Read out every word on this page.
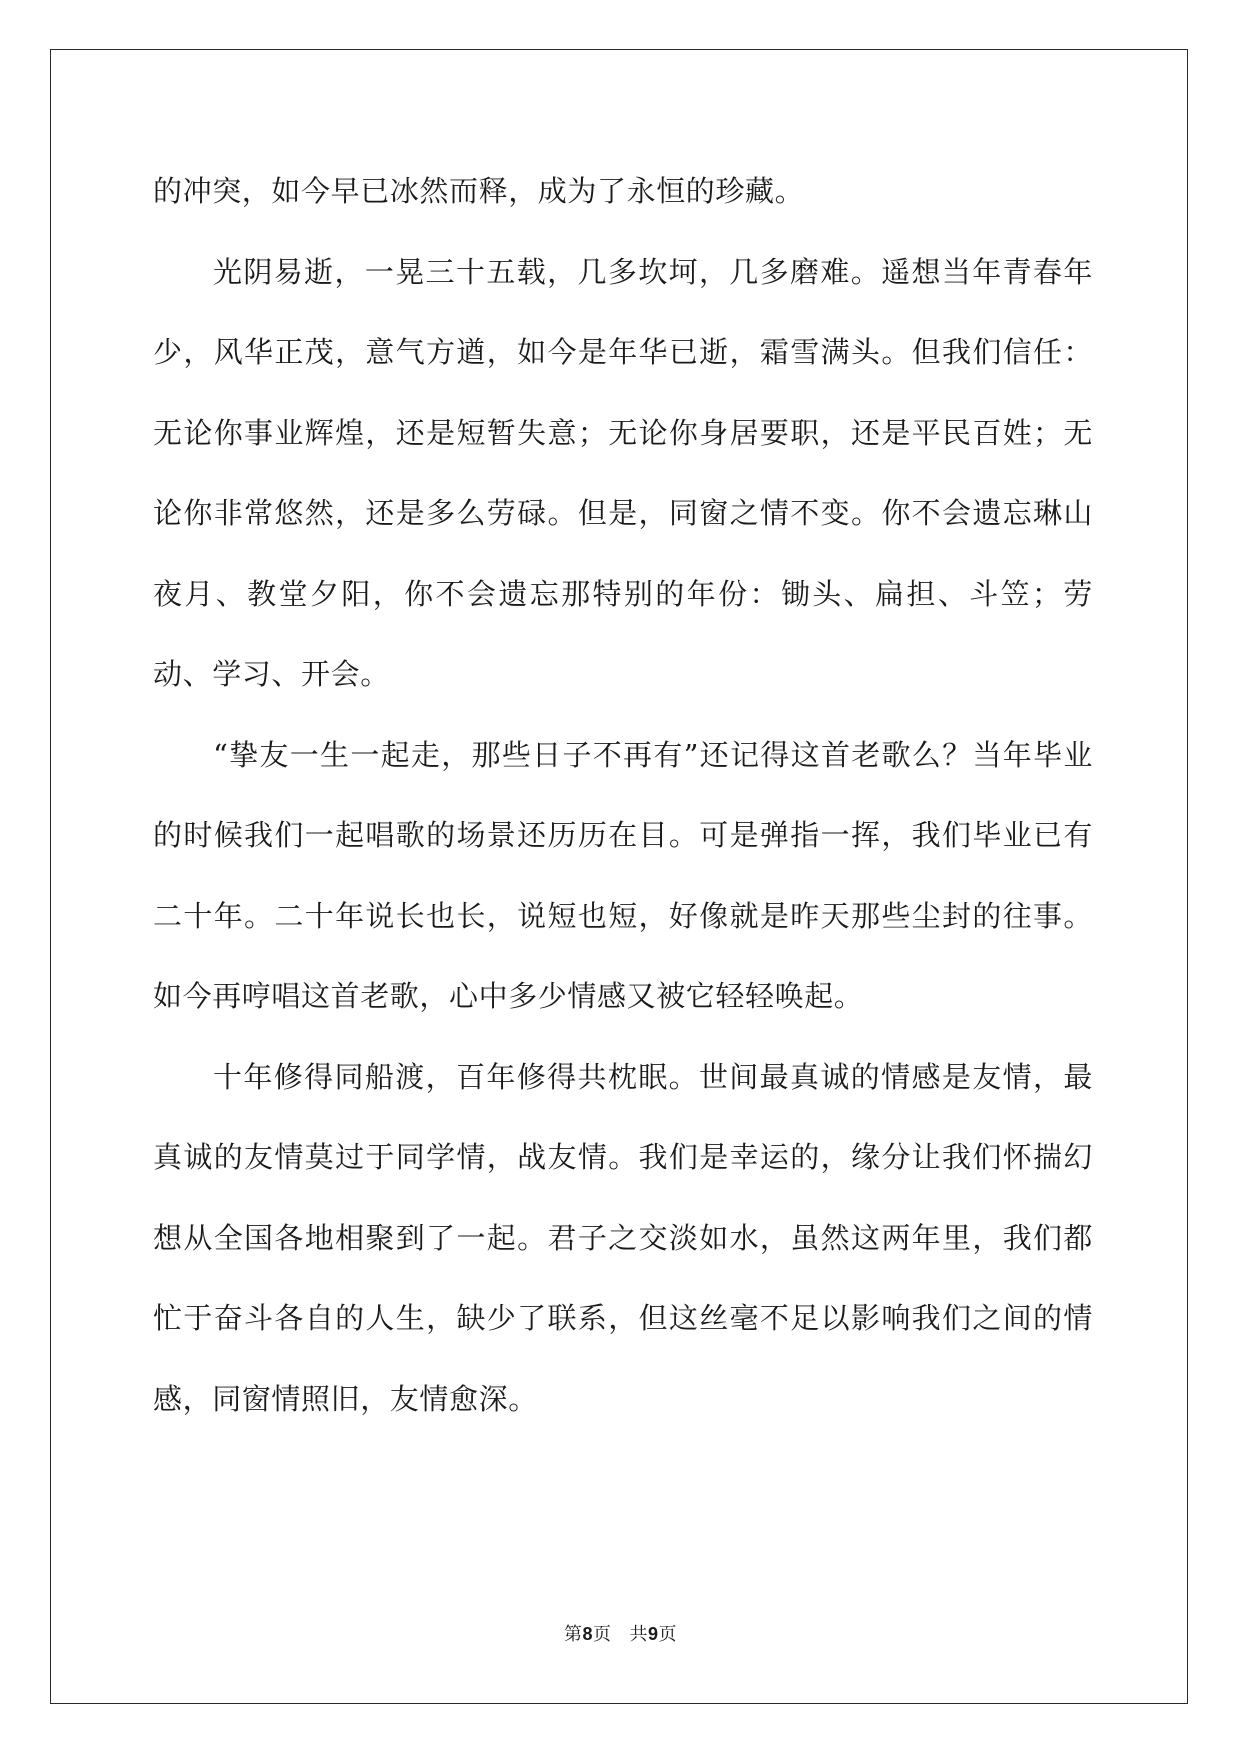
的冲突，如今早已冰然而释，成为了永恒的珍藏。

光阴易逝，一晃三十五载，几多坎坷，几多磨难。遥想当年青春年少，风华正茂，意气方遒，如今是年华已逝，霜雪满头。但我们信任：无论你事业辉煌，还是短暂失意；无论你身居要职，还是平民百姓；无论你非常悠然，还是多么劳碌。但是，同窗之情不变。你不会遗忘琳山夜月、教堂夕阳，你不会遗忘那特别的年份：锄头、扁担、斗笠；劳动、学习、开会。

“挚友一生一起走，那些日子不再有”还记得这首老歌么？当年毕业的时候我们一起唱歌的场景还历历在目。可是弹指一挥，我们毕业已有二十年。二十年说长也长，说短也短，好像就是昨天那些尘封的往事。如今再哼唱这首老歌，心中多少情感又被它轻轻唤起。

十年修得同船渡，百年修得共枕眠。世间最真诚的情感是友情，最真诚的友情莫过于同学情，战友情。我们是幸运的，缘分让我们怀揣幻想从全国各地相聚到了一起。君子之交淡如水，虽然这两年里，我们都忙于奋斗各自的人生，缺少了联系，但这丝毫不足以影响我们之间的情感，同窗情照旧，友情愈深。

第8页 共9页
